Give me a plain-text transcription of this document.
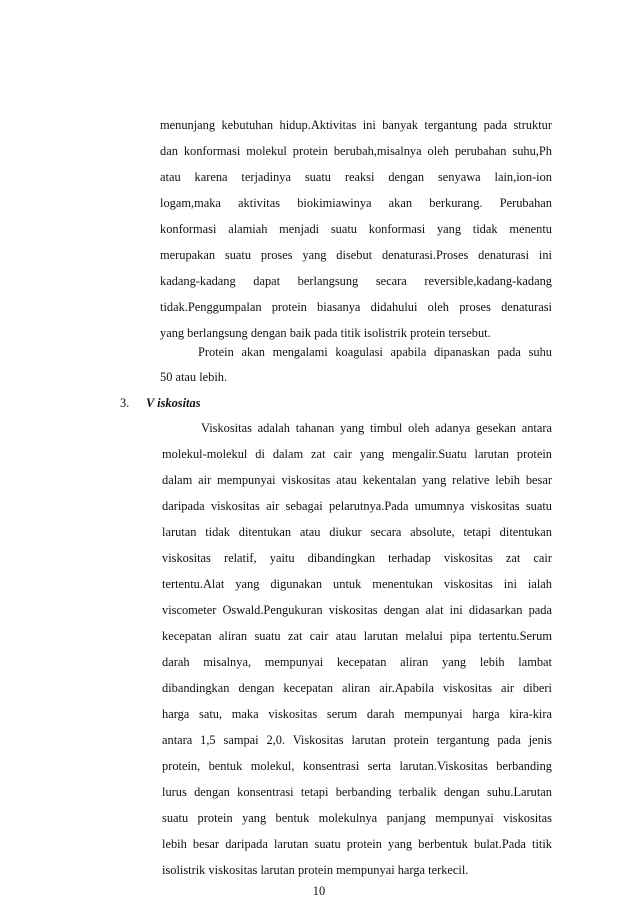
menunjang kebutuhan hidup.Aktivitas ini banyak tergantung pada struktur
dan konformasi molekul protein berubah,misalnya oleh perubahan suhu,Ph
atau karena terjadinya suatu reaksi dengan senyawa lain,ion-ion
logam,maka aktivitas biokimiawinya akan berkurang. Perubahan
konformasi alamiah menjadi suatu konformasi yang tidak menentu
merupakan suatu proses yang disebut denaturasi.Proses denaturasi ini
kadang-kadang dapat berlangsung secara reversible,kadang-kadang
tidak.Penggumpalan protein biasanya didahului oleh proses denaturasi
yang berlangsung dengan baik pada titik isolistrik protein tersebut.
Protein akan mengalami koagulasi apabila dipanaskan pada suhu
50 atau lebih.
3. V iskositas
Viskositas adalah tahanan yang timbul oleh adanya gesekan antara
molekul-molekul di dalam zat cair yang mengalir.Suatu larutan protein
dalam air mempunyai viskositas atau kekentalan yang relative lebih besar
daripada viskositas air sebagai pelarutnya.Pada umumnya viskositas suatu
larutan tidak ditentukan atau diukur secara absolute, tetapi ditentukan
viskositas relatif, yaitu dibandingkan terhadap viskositas zat cair
tertentu.Alat yang digunakan untuk menentukan viskositas ini ialah
viscometer Oswald.Pengukuran viskositas dengan alat ini didasarkan pada
kecepatan aliran suatu zat cair atau larutan melalui pipa tertentu.Serum
darah misalnya, mempunyai kecepatan aliran yang lebih lambat
dibandingkan dengan kecepatan aliran air.Apabila viskositas air diberi
harga satu, maka viskositas serum darah mempunyai harga kira-kira
antara 1,5 sampai 2,0. Viskositas larutan protein tergantung pada jenis
protein, bentuk molekul, konsentrasi serta larutan.Viskositas berbanding
lurus dengan konsentrasi tetapi berbanding terbalik dengan suhu.Larutan
suatu protein yang bentuk molekulnya panjang mempunyai viskositas
lebih besar daripada larutan suatu protein yang berbentuk bulat.Pada titik
isolistrik viskositas larutan protein mempunyai harga terkecil.
10
